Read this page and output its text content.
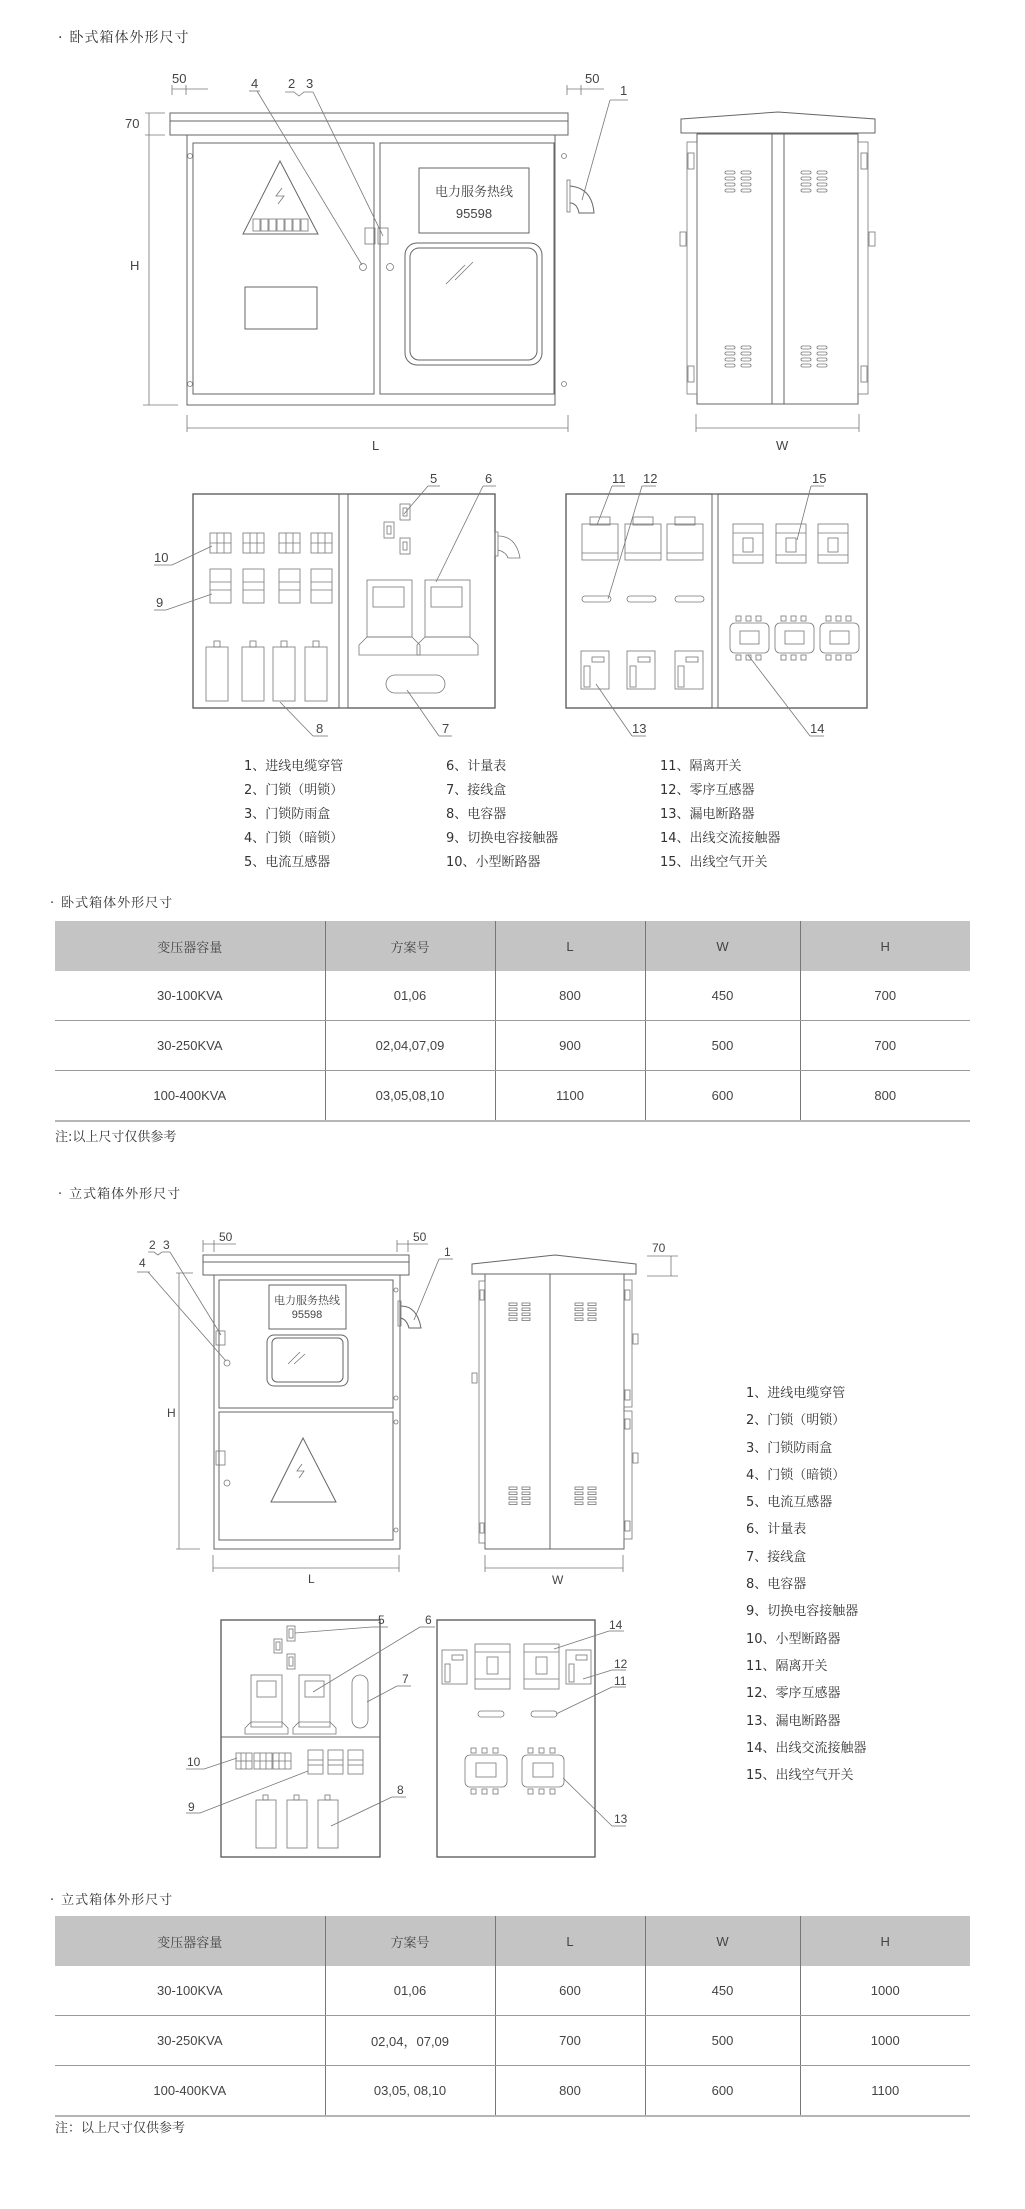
· 卧式箱体外形尺寸
50
70
H
L
电力服务热线
95598
50
1
4 2 3
W
10
9
8	7
5	6	11 12	15
13	14
1、进线电缆穿管
2、门锁（明锁）
3、门锁防雨盒
4、门锁（暗锁）
5、电流互感器
6、计量表
7、接线盒
8、电容器
9、切换电容接触器
10、小型断路器
11、隔离开关
12、零序互感器
13、漏电断路器
14、出线交流接触器
15、出线空气开关
· 卧式箱体外形尺寸
变压器容量	方案号	L	W	H
30-100KVA	01,06	800	450	700
30-250KVA	02,04,07,09	900	500	700
100-400KVA	03,05,08,10	1100	600	800
注:以上尺寸仅供参考
· 立式箱体外形尺寸
电力服务热线
95598
50	50
H
L
2 3
4
1	70
W
5	6
7
10
9
8
14
12
11
13
1、进线电缆穿管
2、门锁（明锁）
3、门锁防雨盒
4、门锁（暗锁）
5、电流互感器
6、计量表
7、接线盒
8、电容器
9、切换电容接触器
10、小型断路器
11、隔离开关
12、零序互感器
13、漏电断路器
14、出线交流接触器
15、出线空气开关
· 立式箱体外形尺寸
变压器容量	方案号	L	W	H
30-100KVA	01,06	600	450	1000
30-250KVA	02,04，07,09	700	500	1000
100-400KVA	03,05, 08,10	800	600	1100
注：以上尺寸仅供参考
